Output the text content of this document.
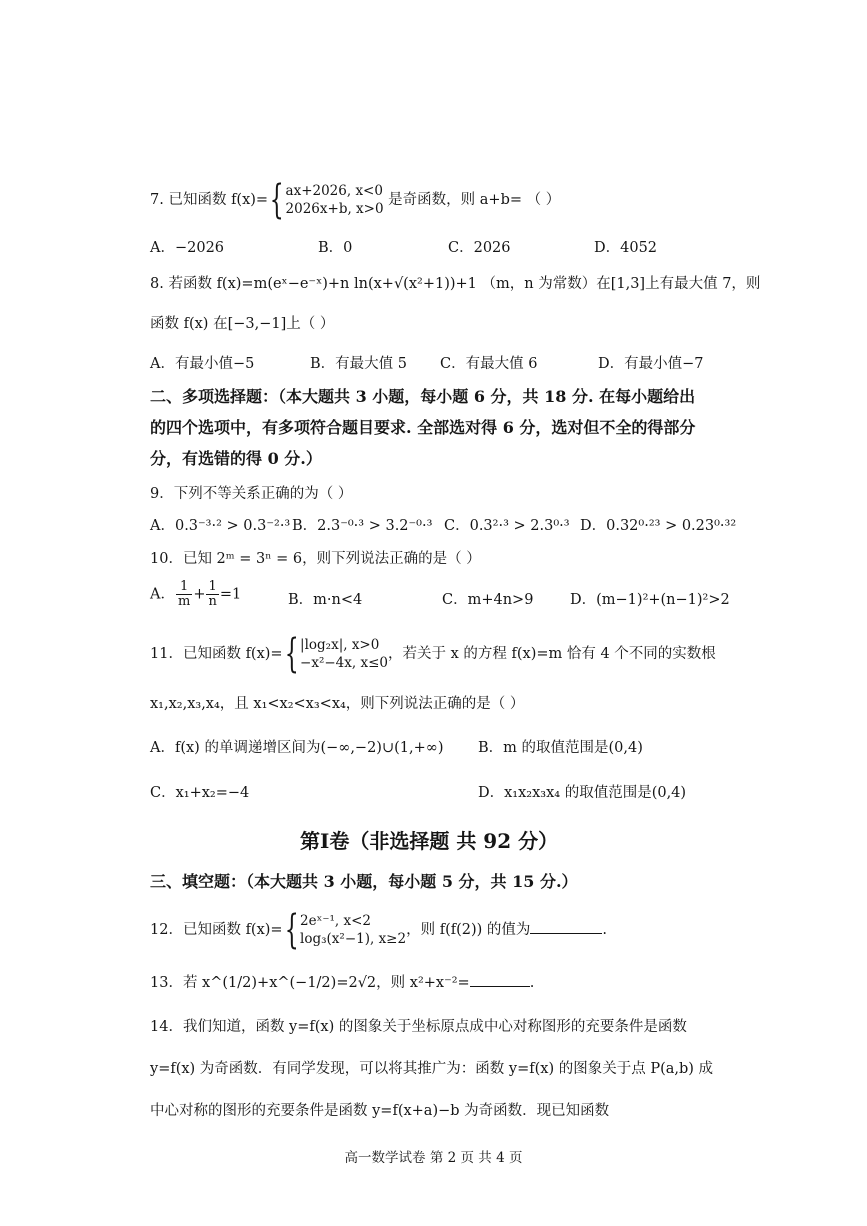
7. 已知函数 f(x)={ ax+2026, x<0
2026x+b, x>0
是奇函数，则 a+b= （ ）
A．−2026	B．0	C．2026	D．4052
8. 若函数 f(x)=m(eˣ−e⁻ˣ)+n ln(x+√(x²+1))+1 （m，n 为常数）在[1,3]上有最大值 7，则
函数 f(x) 在[−3,−1]上（ ）
A．有最小值−5	B．有最大值 5 C．有最大值 6	D．有最小值−7
二、多项选择题：（本大题共 3 小题，每小题 6 分，共 18 分. 在每小题给出
的四个选项中，有多项符合题目要求. 全部选对得 6 分，选对但不全的得部分
分，有选错的得 0 分.）
9．下列不等关系正确的为（ ）
A．0.3⁻³·² > 0.3⁻²·³ B．2.3⁻⁰·³ > 3.2⁻⁰·³ C．0.3²·³ > 2.3⁰·³ D．0.32⁰·²³ > 0.23⁰·³²
10．已知 2ᵐ = 3ⁿ = 6，则下列说法正确的是（ ）
A． $\frac{1}{m} + \frac{1}{n} =1$	B．m·n<4	C．m+4n>9	D．(m−1)²+(n−1)²>2
11．已知函数 f(x)={ |log₂x|, x>0
−x²−4x, x≤0
，若关于 x 的方程 f(x)=m 恰有 4 个不同的实数根
x₁,x₂,x₃,x₄，且 x₁<x₂<x₃<x₄，则下列说法正确的是（ ）
A．f(x) 的单调递增区间为(−∞,−2)∪(1,+∞) B．m 的取值范围是(0,4)
C．x₁+x₂=−4	D．x₁x₂x₃x₄ 的取值范围是(0,4)
第Ⅰ卷（非选择题 共 92 分）
三、填空题：（本大题共 3 小题，每小题 5 分，共 15 分.）
12．已知函数 f(x)={ 2eˣ⁻¹, x<2
log₃(x²−1), x≥2
，则 f(f(2)) 的值为	.
13．若 x^(1/2)+x^(−1/2)=2√2，则 x²+x⁻²=	.
14．我们知道，函数 y=f(x) 的图象关于坐标原点成中心对称图形的充要条件是函数
y=f(x) 为奇函数．有同学发现，可以将其推广为：函数 y=f(x) 的图象关于点 P(a,b) 成
中心对称的图形的充要条件是函数 y=f(x+a)−b 为奇函数．现已知函数
高一数学试卷 第 2 页 共 4 页
